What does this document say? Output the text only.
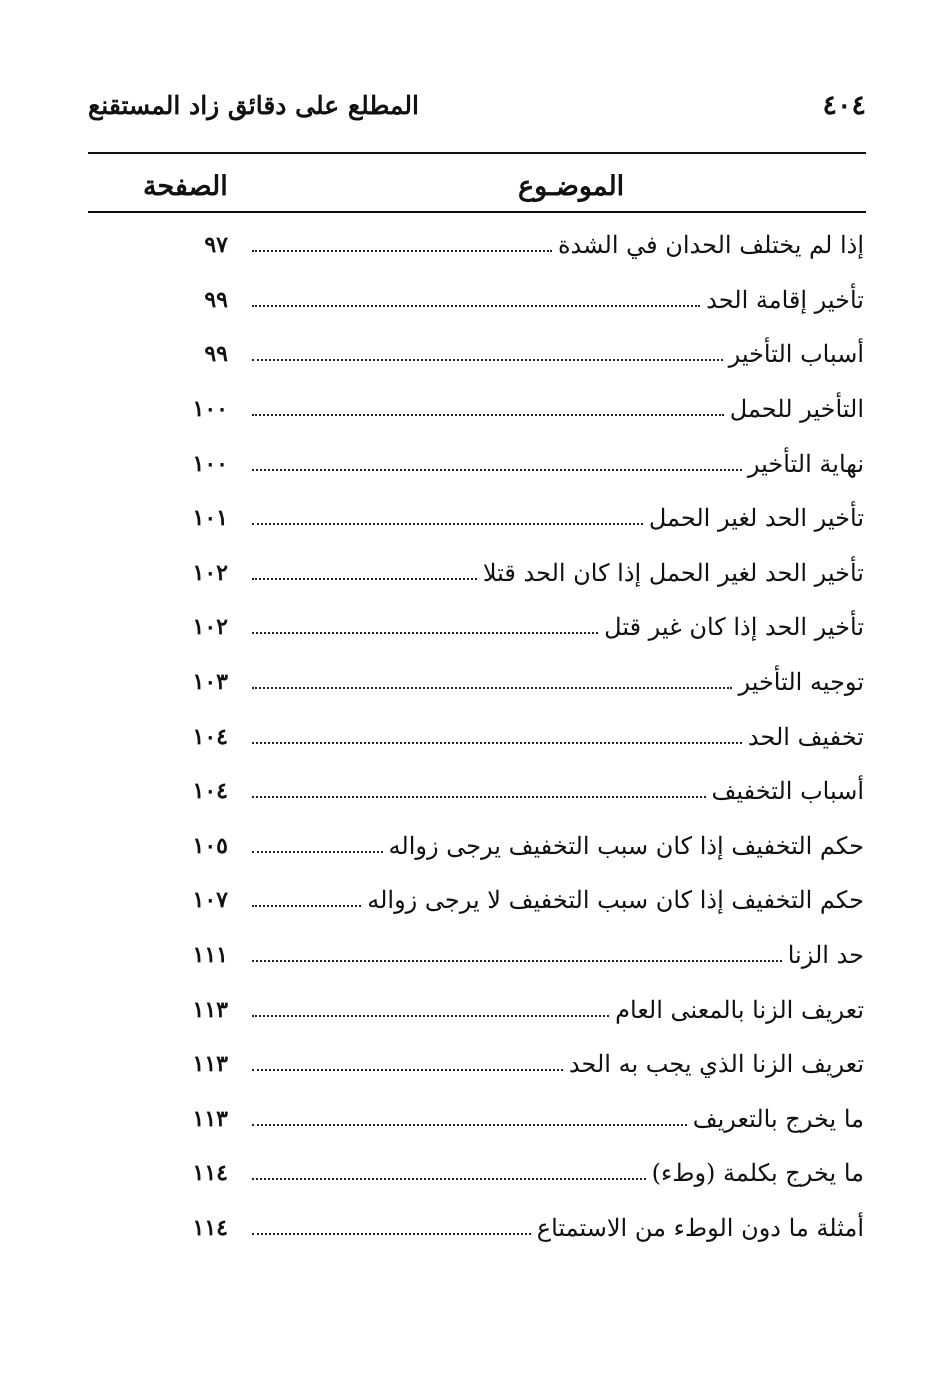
٤٠٤
المطلع على دقائق زاد المستقنع
الموضـوع
الصفحة
إذا لم يختلف الحدان في الشدة
٩٧
تأخير إقامة الحد
٩٩
أسباب التأخير
٩٩
التأخير للحمل
١٠٠
نهاية التأخير
١٠٠
تأخير الحد لغير الحمل
١٠١
تأخير الحد لغير الحمل إذا كان الحد قتلا
١٠٢
تأخير الحد إذا كان غير قتل
١٠٢
توجيه التأخير
١٠٣
تخفيف الحد
١٠٤
أسباب التخفيف
١٠٤
حكم التخفيف إذا كان سبب التخفيف يرجى زواله
١٠٥
حكم التخفيف إذا كان سبب التخفيف لا يرجى زواله
١٠٧
حد الزنا
١١١
تعريف الزنا بالمعنى العام
١١٣
تعريف الزنا الذي يجب به الحد
١١٣
ما يخرج بالتعريف
١١٣
ما يخرج بكلمة (وطء)
١١٤
أمثلة ما دون الوطء من الاستمتاع
١١٤
